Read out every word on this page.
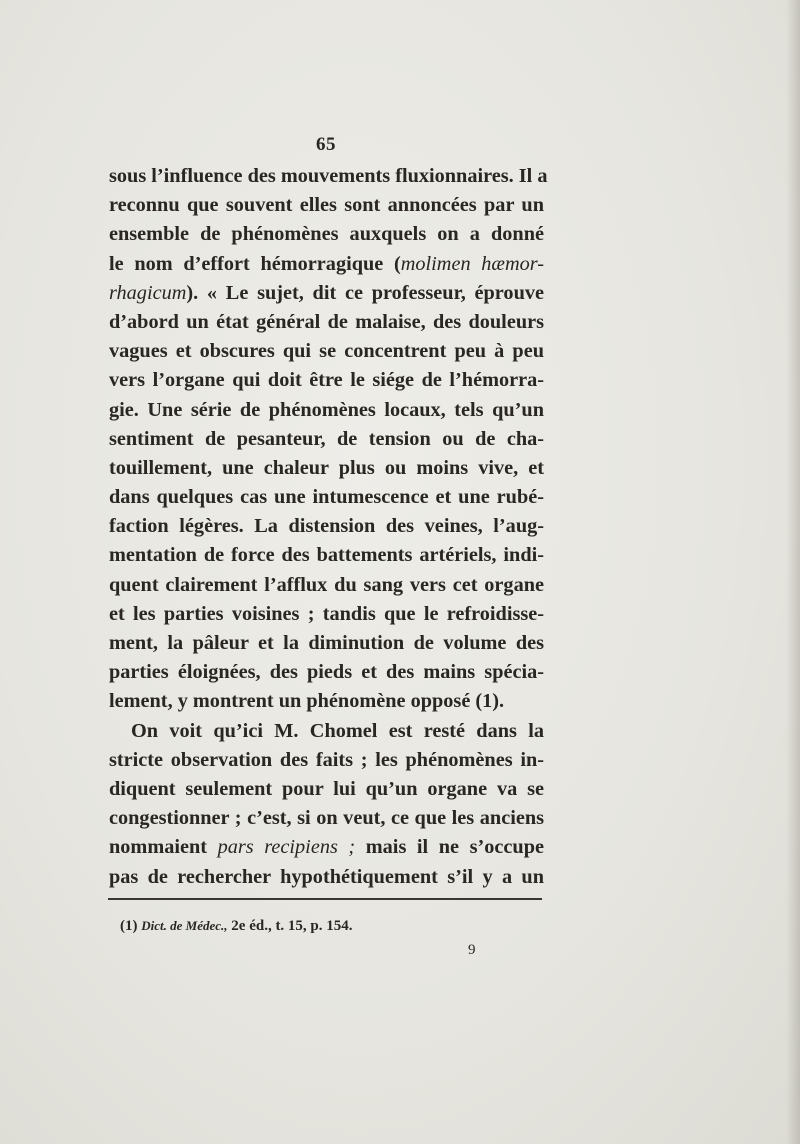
65
sous l’influence des mouvements fluxionnaires. Il a
reconnu que souvent elles sont annoncées par un
ensemble de phénomènes auxquels on a donné
le nom d’effort hémorragique (molimen hæmor-
rhagicum). « Le sujet, dit ce professeur, éprouve
d’abord un état général de malaise, des douleurs
vagues et obscures qui se concentrent peu à peu
vers l’organe qui doit être le siége de l’hémorra-
gie. Une série de phénomènes locaux, tels qu’un
sentiment de pesanteur, de tension ou de cha-
touillement, une chaleur plus ou moins vive, et
dans quelques cas une intumescence et une rubé-
faction légères. La distension des veines, l’aug-
mentation de force des battements artériels, indi-
quent clairement l’afflux du sang vers cet organe
et les parties voisines ; tandis que le refroidisse-
ment, la pâleur et la diminution de volume des
parties éloignées, des pieds et des mains spécia-
lement, y montrent un phénomène opposé (1).
On voit qu’ici M. Chomel est resté dans la
stricte observation des faits ; les phénomènes in-
diquent seulement pour lui qu’un organe va se
congestionner ; c’est, si on veut, ce que les anciens
nommaient pars recipiens ; mais il ne s’occupe
pas de rechercher hypothétiquement s’il y a un
(1) Dict. de Médec., 2e éd., t. 15, p. 154.
9
